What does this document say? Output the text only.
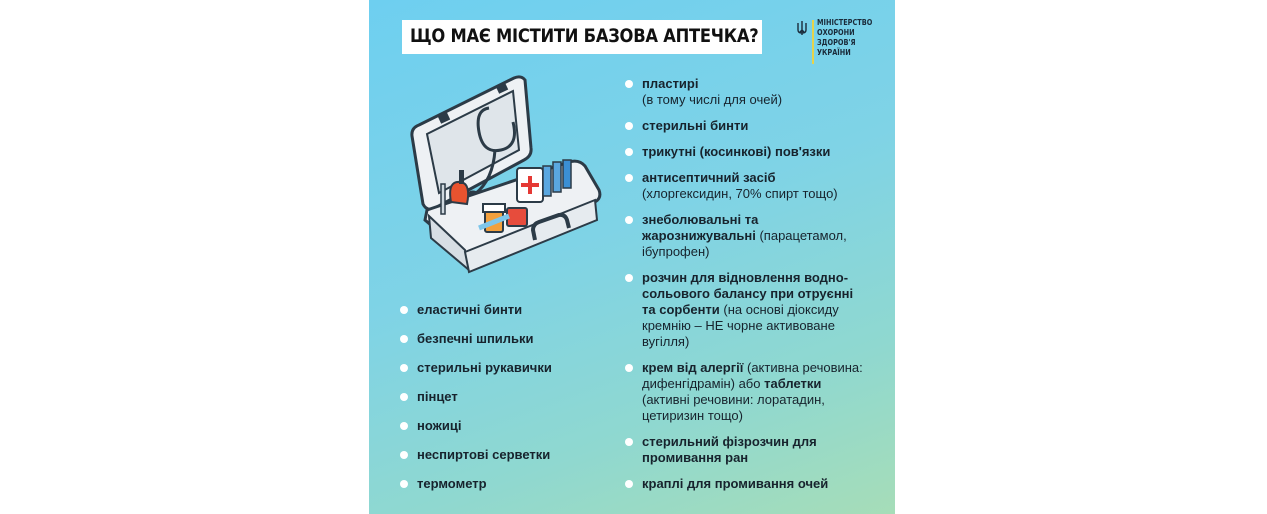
ЩО МАЄ МІСТИТИ БАЗОВА АПТЕЧКА?
МІНІСТЕРСТВО
ОХОРОНИ
ЗДОРОВ'Я
УКРАЇНИ
еластичні бинти
безпечні шпильки
стерильні рукавички
пінцет
ножиці
неспиртові серветки
термометр
пластирі
(в тому числі для очей)
стерильні бинти
трикутні (косинкові) пов'язки
антисептичний засіб
(хлоргексидин, 70% спирт тощо)
знеболювальні та жарознижувальні (парацетамол, ібупрофен)
розчин для відновлення водно-сольового балансу при отруєнні та сорбенти (на основі діоксиду кремнію – НЕ чорне активоване вугілля)
крем від алергії (активна речовина: дифенгідрамін) або таблетки (активні речовини: лоратадин, цетиризин тощо)
стерильний фізрозчин для промивання ран
краплі для промивання очей
